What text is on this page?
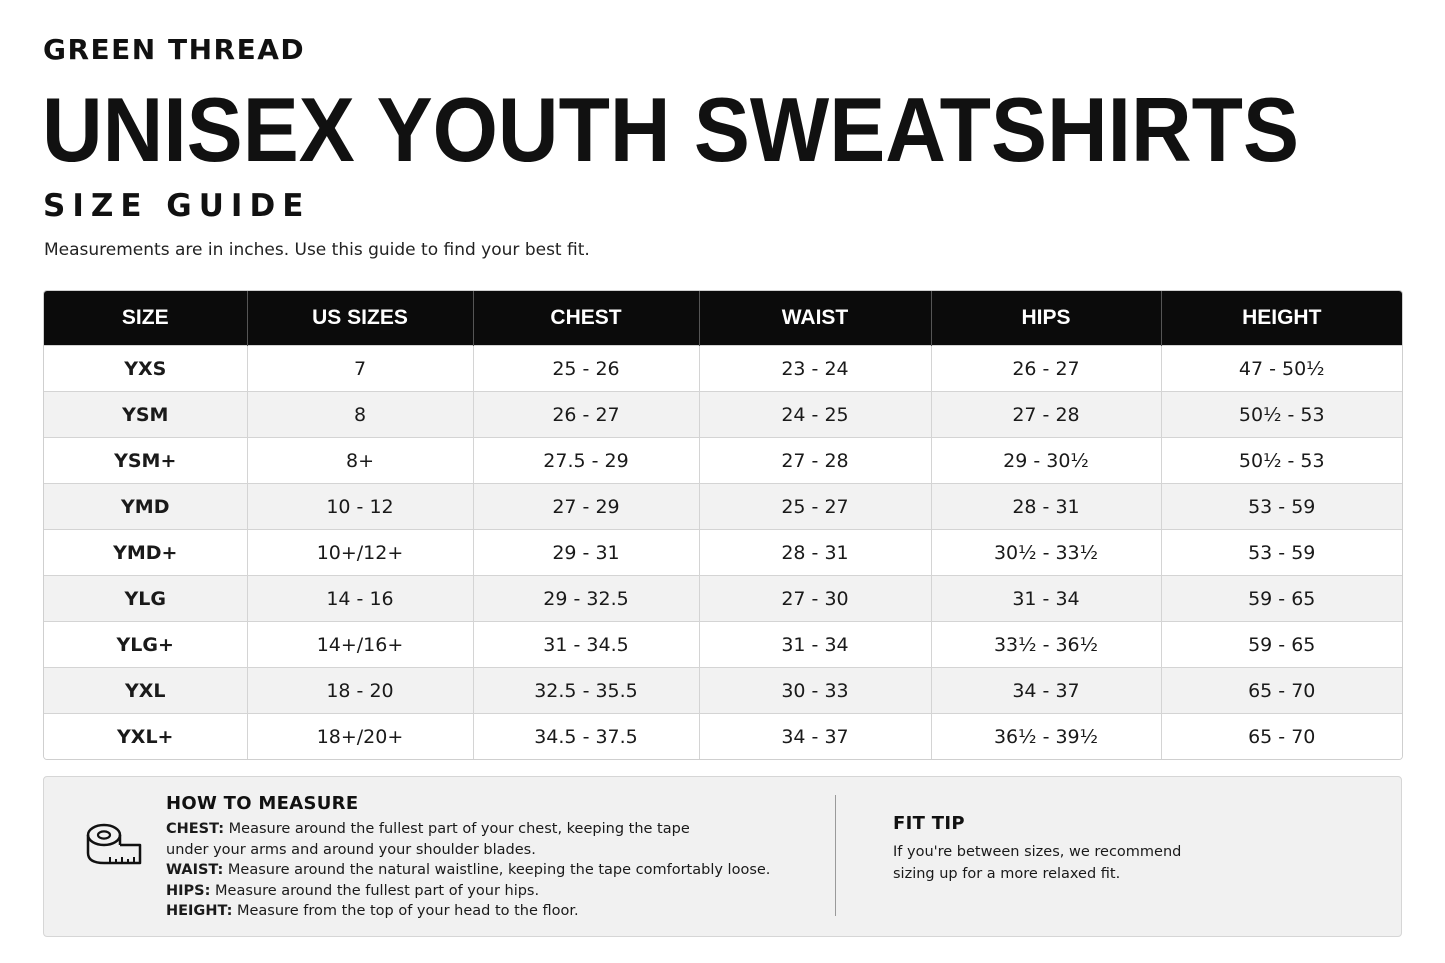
GREEN THREAD
UNISEX YOUTH SWEATSHIRTS
SIZE GUIDE

Measurements are in inches. Use this guide to find your best fit.

SIZE	US SIZES	CHEST	WAIST	HIPS	HEIGHT
YXS	7	25 - 26	23 - 24	26 - 27	47 - 50½
YSM	8	26 - 27	24 - 25	27 - 28	50½ - 53
YSM+	8+	27.5 - 29	27 - 28	29 - 30½	50½ - 53
YMD	10 - 12	27 - 29	25 - 27	28 - 31	53 - 59
YMD+	10+/12+	29 - 31	28 - 31	30½ - 33½	53 - 59
YLG	14 - 16	29 - 32.5	27 - 30	31 - 34	59 - 65
YLG+	14+/16+	31 - 34.5	31 - 34	33½ - 36½	59 - 65
YXL	18 - 20	32.5 - 35.5	30 - 33	34 - 37	65 - 70
YXL+	18+/20+	34.5 - 37.5	34 - 37	36½ - 39½	65 - 70
HOW TO MEASURE

CHEST: Measure around the fullest part of your chest, keeping the tape

under your arms and around your shoulder blades.

WAIST: Measure around the natural waistline, keeping the tape comfortably loose.

HIPS: Measure around the fullest part of your hips.

HEIGHT: Measure from the top of your head to the floor.

FIT TIP

If you're between sizes, we recommend

sizing up for a more relaxed fit.
